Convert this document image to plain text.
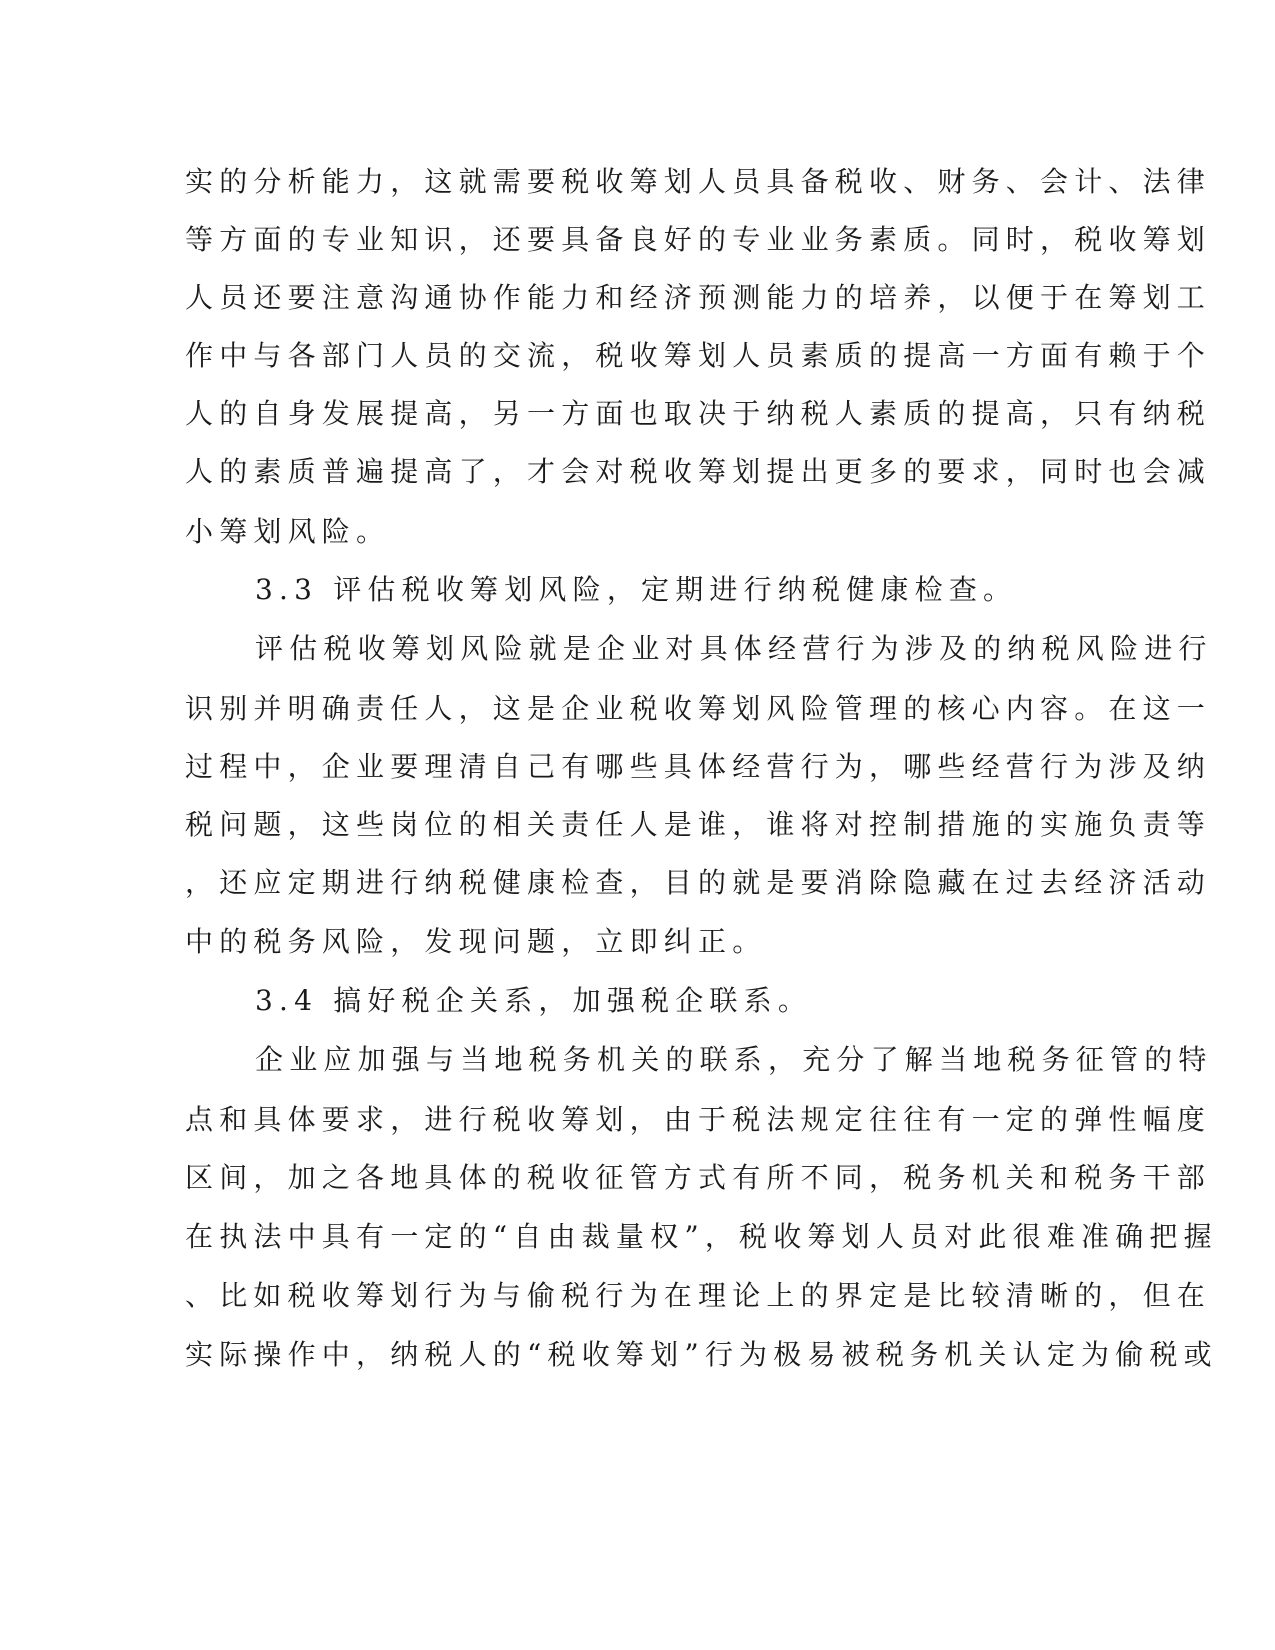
实的分析能力，这就需要税收筹划人员具备税收、财务、会计、法律
等方面的专业知识，还要具备良好的专业业务素质。同时，税收筹划
人员还要注意沟通协作能力和经济预测能力的培养，以便于在筹划工
作中与各部门人员的交流，税收筹划人员素质的提高一方面有赖于个
人的自身发展提高，另一方面也取决于纳税人素质的提高，只有纳税
人的素质普遍提高了，才会对税收筹划提出更多的要求，同时也会减
小筹划风险。
3.3 评估税收筹划风险，定期进行纳税健康检查。
评估税收筹划风险就是企业对具体经营行为涉及的纳税风险进行
识别并明确责任人，这是企业税收筹划风险管理的核心内容。在这一
过程中，企业要理清自己有哪些具体经营行为，哪些经营行为涉及纳
税问题，这些岗位的相关责任人是谁，谁将对控制措施的实施负责等
，还应定期进行纳税健康检查，目的就是要消除隐藏在过去经济活动
中的税务风险，发现问题，立即纠正。
3.4 搞好税企关系，加强税企联系。
企业应加强与当地税务机关的联系，充分了解当地税务征管的特
点和具体要求，进行税收筹划，由于税法规定往往有一定的弹性幅度
区间，加之各地具体的税收征管方式有所不同，税务机关和税务干部
在执法中具有一定的“自由裁量权”，税收筹划人员对此很难准确把握
、比如税收筹划行为与偷税行为在理论上的界定是比较清晰的，但在
实际操作中，纳税人的“税收筹划”行为极易被税务机关认定为偷税或
